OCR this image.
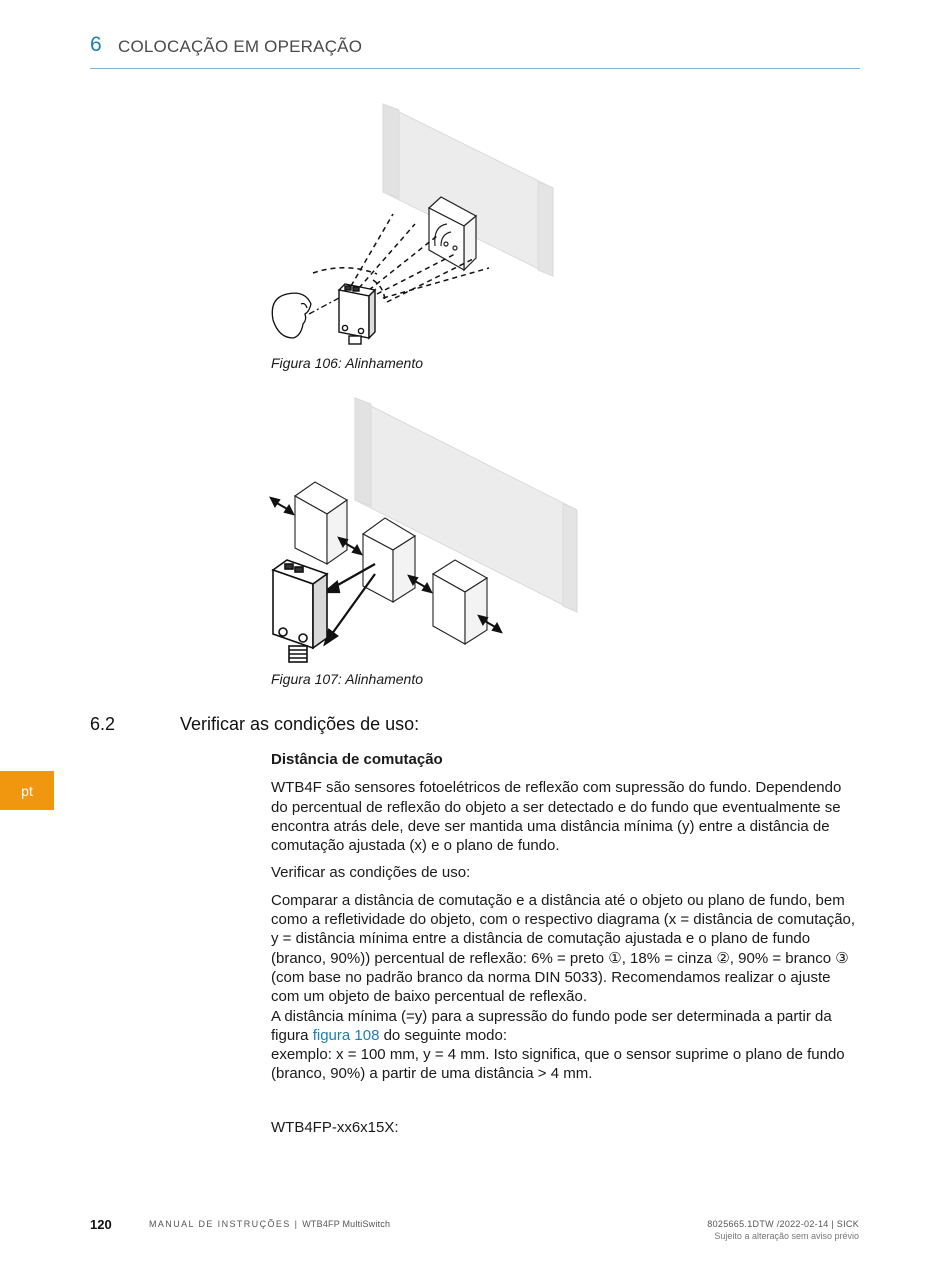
6 COLOCAÇÃO EM OPERAÇÃO
Figura 106: Alinhamento
Figura 107: Alinhamento
6.2	Verificar as condições de uso:

Distância de comutação

WTB4F são sensores fotoelétricos de reflexão com supressão do fundo. Dependendo do percentual de reflexão do objeto a ser detectado e do fundo que eventualmente se encontra atrás dele, deve ser mantida uma distância mínima (y) entre a distância de comutação ajustada (x) e o plano de fundo.

Verificar as condições de uso:

Comparar a distância de comutação e a distância até o objeto ou plano de fundo, bem como a refletividade do objeto, com o respectivo diagrama (x = distância de comutação, y = distância mínima entre a distância de comutação ajustada e o plano de fundo (branco, 90%)) percentual de reflexão: 6% = preto ①, 18% = cinza ②, 90% = branco ③ (com base no padrão branco da norma DIN 5033). Recomendamos realizar o ajuste com um objeto de baixo percentual de reflexão.

A distância mínima (=y) para a supressão do fundo pode ser determinada a partir da figura figura 108 do seguinte modo:

exemplo: x = 100 mm, y = 4 mm. Isto significa, que o sensor suprime o plano de fundo (branco, 90%) a partir de uma distância > 4 mm.

WTB4FP-xx6x15X:

pt
120	MANUAL DE INSTRUÇÕES | WTB4FP MultiSwitch	8025665.1DTW /2022-02-14 | SICK
Sujeito a alteração sem aviso prévio
